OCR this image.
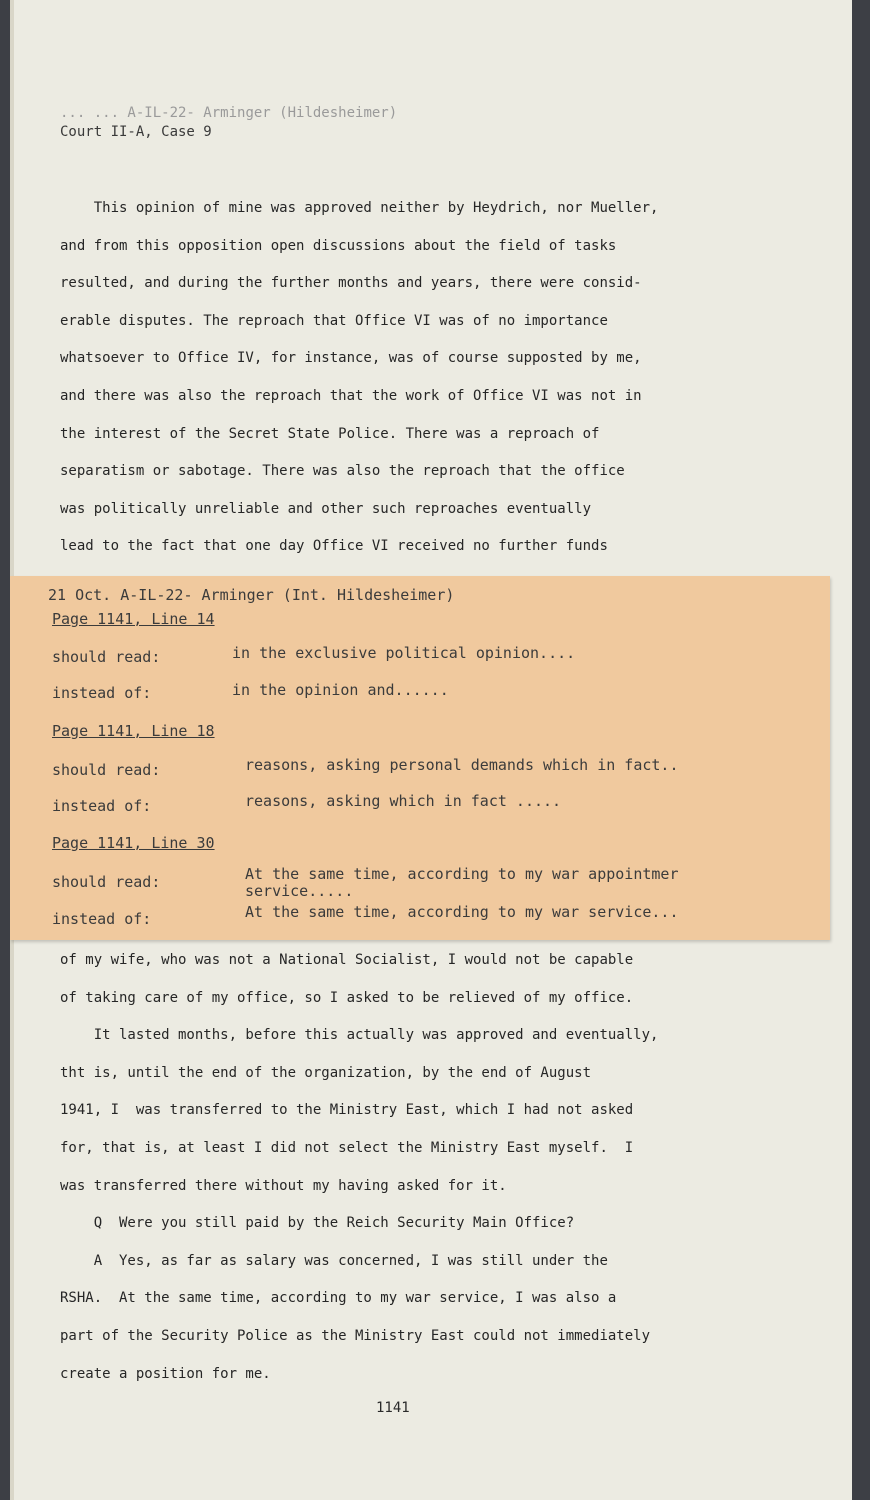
... ... A-IL-22- Arminger (Hildesheimer)
Court II-A, Case 9
This opinion of mine was approved neither by Heydrich, nor Mueller,
and from this opposition open discussions about the field of tasks
resulted, and during the further months and years, there were consid-
erable disputes. The reproach that Office VI was of no importance
whatsoever to Office IV, for instance, was of course supposted by me,
and there was also the reproach that the work of Office VI was not in
the interest of the Secret State Police. There was a reproach of
separatism or sabotage. There was also the reproach that the office
was politically unreliable and other such reproaches eventually
lead to the fact that one day Office VI received no further funds
21 Oct. A-IL-22- Arminger (Int. Hildesheimer)
Page 1141, Line 14
should read:	in the exclusive political opinion....
instead of:	in the opinion and......
Page 1141, Line 18
should read:	reasons, asking personal demands which in fact..
instead of:	reasons, asking which in fact .....
Page 1141, Line 30
should read:	At the same time, according to my war appointmer
service.....
instead of:	At the same time, according to my war service...
of my wife, who was not a National Socialist, I would not be capable
of taking care of my office, so I asked to be relieved of my office.
It lasted months, before this actually was approved and eventually,
tht is, until the end of the organization, by the end of August
1941, I  was transferred to the Ministry East, which I had not asked
for, that is, at least I did not select the Ministry East myself.  I
was transferred there without my having asked for it.
Q  Were you still paid by the Reich Security Main Office?
A  Yes, as far as salary was concerned, I was still under the
RSHA.  At the same time, according to my war service, I was also a
part of the Security Police as the Ministry East could not immediately
create a position for me.
1141
